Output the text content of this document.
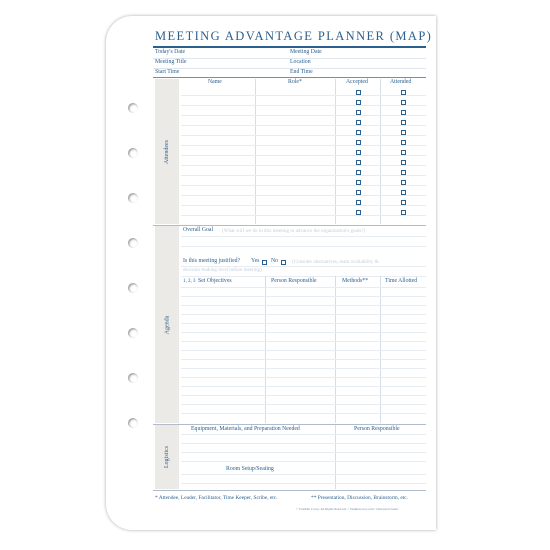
MEETING ADVANTAGE PLANNER (MAP)
Today's Date	Meeting Date
Meeting Title	Location
Start Time	End Time
Attendees
Name	Role*	Accepted	Attended
Agenda
Overall Goal (What will we do in this meeting to advance the organization's goals?)
Is this meeting justified? Yes No	(Consider alternatives, team availability &
decision-making level before meeting)
1, 2, 3 Set Objectives	Person Responsible	Methods**	Time Allotted
Logistics
Equipment, Materials, and Preparation Needed	Person Responsible
Room Setup/Seating
* Attendee, Leader, Facilitator, Time Keeper, Scribe, etc.	** Presentation, Discussion, Brainstorm, etc.
© Franklin Covey. All Rights Reserved. • franklincovey.com • Universal Classic
